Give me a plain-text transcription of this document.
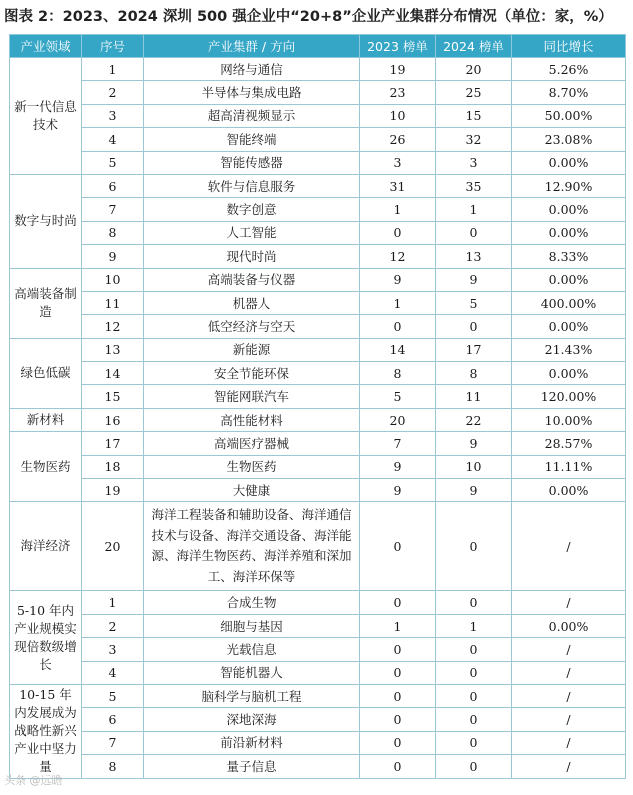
图表 2：2023、2024 深圳 500 强企业中“20+8”企业产业集群分布情况（单位：家，%）
产业领域	序号	产业集群 / 方向	2023 榜单	2024 榜单	同比增长
新一代信息技术	1	网络与通信	19	20	5.26%
	2	半导体与集成电路	23	25	8.70%
	3	超高清视频显示	10	15	50.00%
	4	智能终端	26	32	23.08%
	5	智能传感器	3	3	0.00%
数字与时尚	6	软件与信息服务	31	35	12.90%
	7	数字创意	1	1	0.00%
	8	人工智能	0	0	0.00%
	9	现代时尚	12	13	8.33%
高端装备制造	10	高端装备与仪器	9	9	0.00%
	11	机器人	1	5	400.00%
	12	低空经济与空天	0	0	0.00%
绿色低碳	13	新能源	14	17	21.43%
	14	安全节能环保	8	8	0.00%
	15	智能网联汽车	5	11	120.00%
新材料	16	高性能材料	20	22	10.00%
生物医药	17	高端医疗器械	7	9	28.57%
	18	生物医药	9	10	11.11%
	19	大健康	9	9	0.00%
海洋经济	20	海洋工程装备和辅助设备、海洋通信技术与设备、海洋交通设备、海洋能源、海洋生物医药、海洋养殖和深加工、海洋环保等	0	0	/
5-10 年内产业规模实现倍数级增长	1	合成生物	0	0	/
	2	细胞与基因	1	1	0.00%
	3	光载信息	0	0	/
	4	智能机器人	0	0	/
10-15 年内发展成为战略性新兴产业中坚力量	5	脑科学与脑机工程	0	0	/
	6	深地深海	0	0	/
	7	前沿新材料	0	0	/
	8	量子信息	0	0	/
头条 @远瞻
